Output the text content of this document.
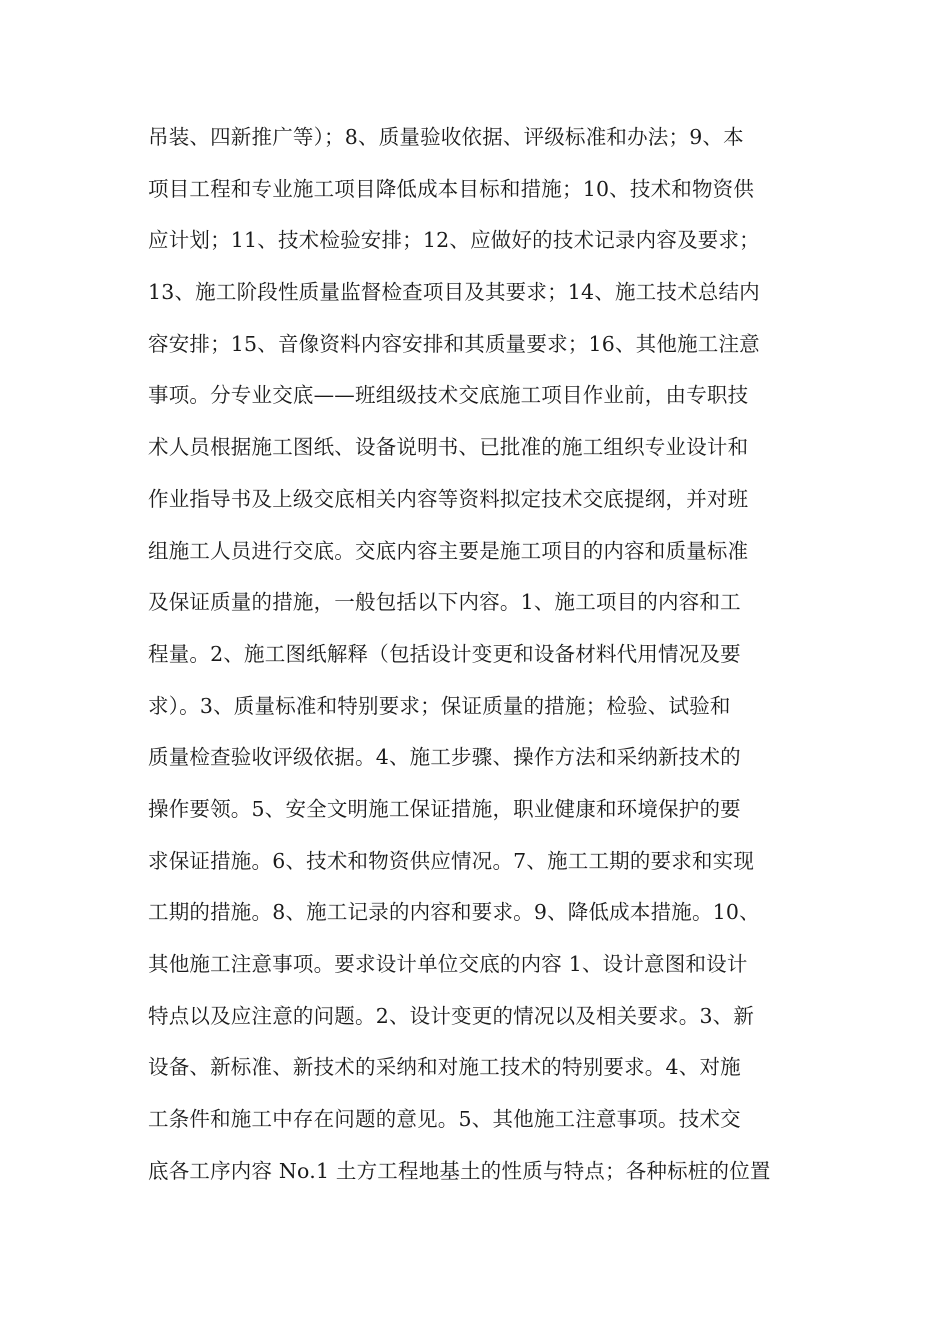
吊装、四新推广等）；8、质量验收依据、评级标准和办法；9、本
项目工程和专业施工项目降低成本目标和措施；10、技术和物资供
应计划；11、技术检验安排；12、应做好的技术记录内容及要求；
13、施工阶段性质量监督检查项目及其要求；14、施工技术总结内
容安排；15、音像资料内容安排和其质量要求；16、其他施工注意
事项。分专业交底——班组级技术交底施工项目作业前，由专职技
术人员根据施工图纸、设备说明书、已批准的施工组织专业设计和
作业指导书及上级交底相关内容等资料拟定技术交底提纲，并对班
组施工人员进行交底。交底内容主要是施工项目的内容和质量标准
及保证质量的措施，一般包括以下内容。1、施工项目的内容和工
程量。2、施工图纸解释（包括设计变更和设备材料代用情况及要
求）。3、质量标准和特别要求；保证质量的措施；检验、试验和
质量检查验收评级依据。4、施工步骤、操作方法和采纳新技术的
操作要领。5、安全文明施工保证措施，职业健康和环境保护的要
求保证措施。6、技术和物资供应情况。7、施工工期的要求和实现
工期的措施。8、施工记录的内容和要求。9、降低成本措施。10、
其他施工注意事项。要求设计单位交底的内容 1、设计意图和设计
特点以及应注意的问题。2、设计变更的情况以及相关要求。3、新
设备、新标准、新技术的采纳和对施工技术的特别要求。4、对施
工条件和施工中存在问题的意见。5、其他施工注意事项。技术交
底各工序内容 No.1 土方工程地基土的性质与特点；各种标桩的位置
